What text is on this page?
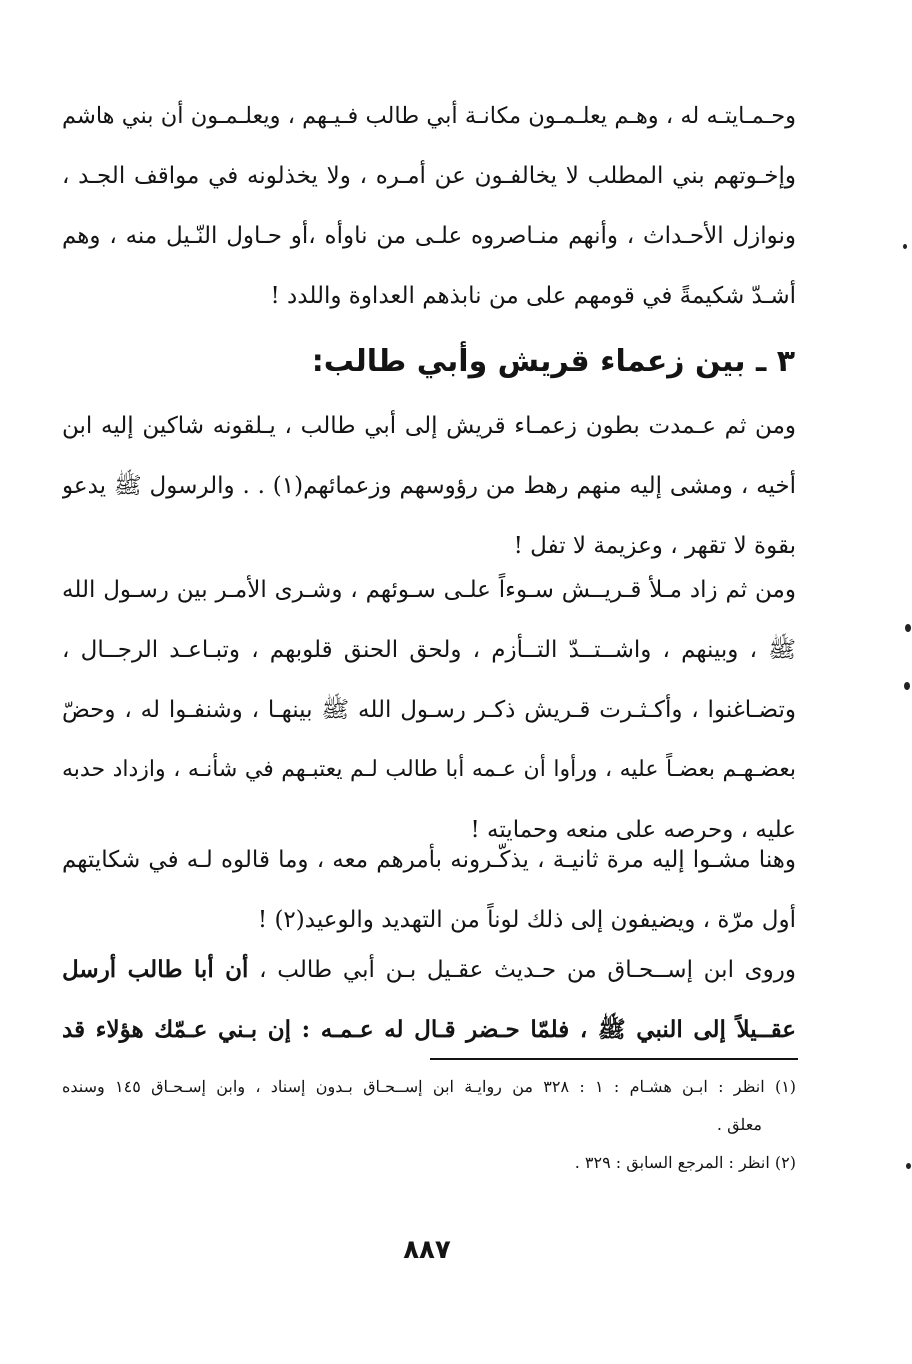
وحـمـايتـه له ، وهـم يعلـمـون مكانـة أبي طالب فـيـهم ، ويعلـمـون أن بني هاشم
وإخـوتهم بني المطلب لا يخالفـون عن أمـره ، ولا يخذلونه في مواقف الجـد ،
ونوازل الأحـداث ، وأنهم منـاصروه علـى من ناوأه ،أو حـاول النّـيل منه ، وهم
أشـدّ شكيمةً في قومهم على من نابذهم العداوة واللدد !
٣ ـ بين زعماء قريش وأبي طالب:
ومن ثم عـمدت بطون زعمـاء قريش إلى أبي طالب ، يـلقونه شاكين إليه ابن
أخيه ، ومشى إليه منهم رهط من رؤوسهم وزعمائهم(١) . . والرسول ﷺ يدعو
بقوة لا تقهر ، وعزيمة لا تفل !
ومن ثم زاد مـلأ قـريــش سـوءاً علـى سـوئهم ، وشـرى الأمـر بين رسـول الله
ﷺ ، وبينهم ، واشــتــدّ التــأزم ، ولحق الحنق قلوبهم ، وتبـاعـد الرجــال ،
وتضـاغنوا ، وأكـثـرت قـريش ذكـر رسـول الله ﷺ بينهـا ، وشنفـوا له ، وحضّ
بعضـهـم بعضـاً عليه ، ورأوا أن عـمه أبا طالب لـم يعتبـهم في شأنـه ، وازداد حدبه
عليه ، وحرصه على منعه وحمايته !
وهنا مشـوا إليه مرة ثانيـة ، يذكّـرونه بأمرهم معه ، وما قالوه لـه في شكايتهم
أول مرّة ، ويضيفون إلى ذلك لوناً من التهديد والوعيد(٢) !
وروى ابن إســحـاق من حـديث عقـيل بـن أبي طالب ، أن أبا طالب أرسل
عقــيلاً إلى النبي ﷺ ، فلمّا حـضر قـال له عـمـه : إن بـني عـمّك هؤلاء قد
(١) انظر : ابـن هشـام : ١ : ٣٢٨ من روايـة ابن إســحـاق بـدون إسناد ، وابن إسـحـاق ١٤٥ وسنده
معلق .
(٢) انظر : المرجع السابق : ٣٢٩ .
٨٨٧
